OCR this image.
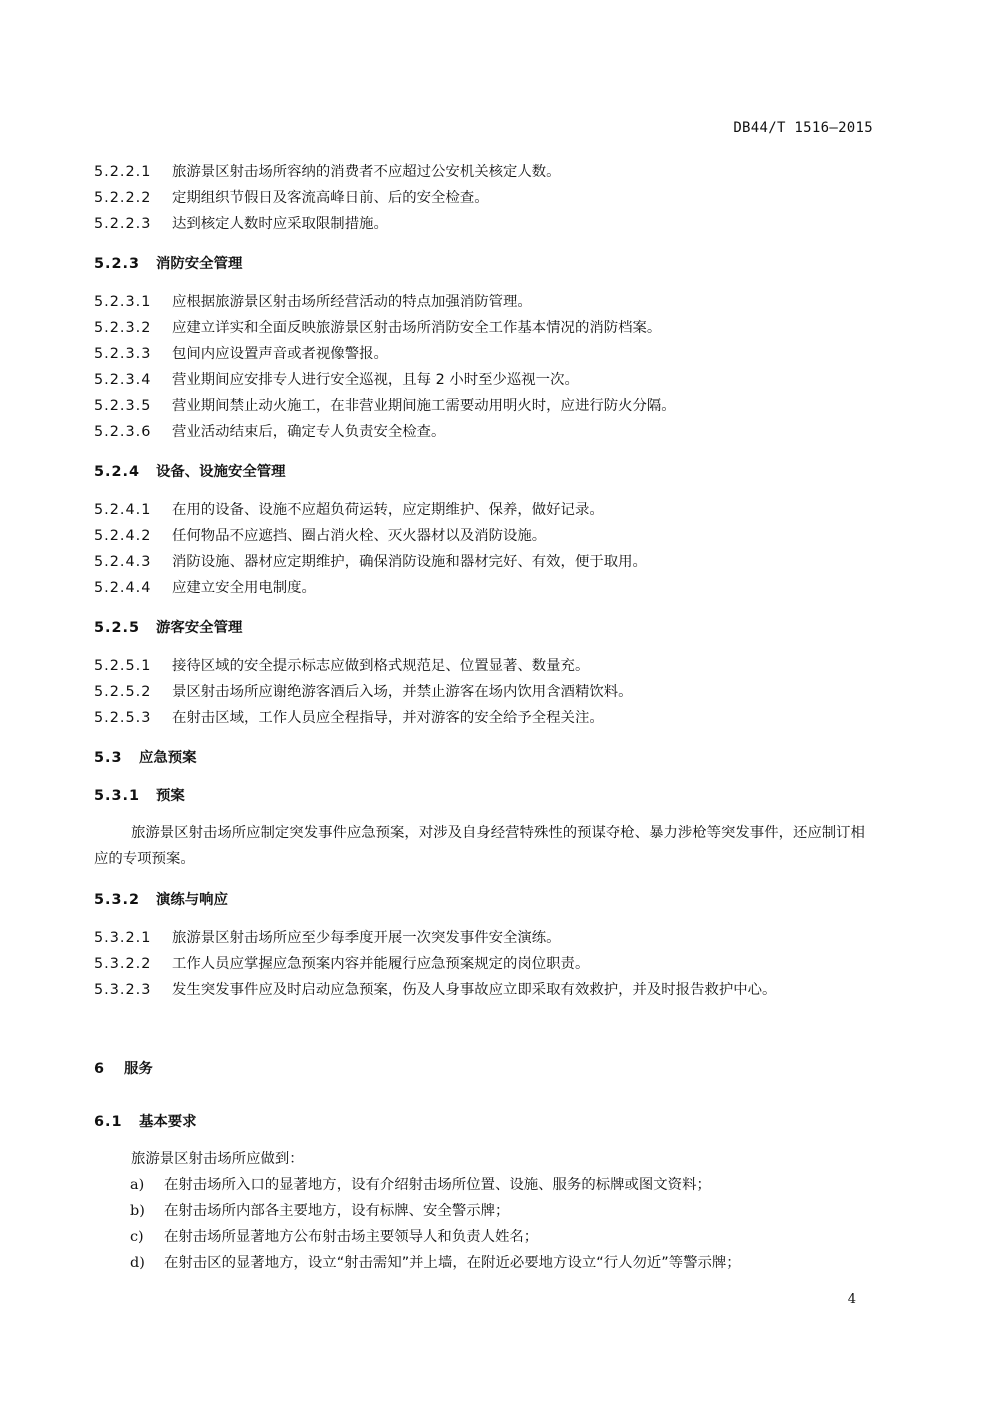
DB44/T 1516—2015
5.2.2.1 旅游景区射击场所容纳的消费者不应超过公安机关核定人数。
5.2.2.2 定期组织节假日及客流高峰日前、后的安全检查。
5.2.2.3 达到核定人数时应采取限制措施。
5.2.3 消防安全管理
5.2.3.1 应根据旅游景区射击场所经营活动的特点加强消防管理。
5.2.3.2 应建立详实和全面反映旅游景区射击场所消防安全工作基本情况的消防档案。
5.2.3.3 包间内应设置声音或者视像警报。
5.2.3.4 营业期间应安排专人进行安全巡视，且每 2 小时至少巡视一次。
5.2.3.5 营业期间禁止动火施工，在非营业期间施工需要动用明火时，应进行防火分隔。
5.2.3.6 营业活动结束后，确定专人负责安全检查。
5.2.4 设备、设施安全管理
5.2.4.1 在用的设备、设施不应超负荷运转，应定期维护、保养，做好记录。
5.2.4.2 任何物品不应遮挡、圈占消火栓、灭火器材以及消防设施。
5.2.4.3 消防设施、器材应定期维护，确保消防设施和器材完好、有效，便于取用。
5.2.4.4 应建立安全用电制度。
5.2.5 游客安全管理
5.2.5.1 接待区域的安全提示标志应做到格式规范足、位置显著、数量充。
5.2.5.2 景区射击场所应谢绝游客酒后入场，并禁止游客在场内饮用含酒精饮料。
5.2.5.3 在射击区域，工作人员应全程指导，并对游客的安全给予全程关注。
5.3 应急预案
5.3.1 预案
旅游景区射击场所应制定突发事件应急预案，对涉及自身经营特殊性的预谋夺枪、暴力涉枪等突发事件，还应制订相应的专项预案。
5.3.2 演练与响应
5.3.2.1 旅游景区射击场所应至少每季度开展一次突发事件安全演练。
5.3.2.2 工作人员应掌握应急预案内容并能履行应急预案规定的岗位职责。
5.3.2.3 发生突发事件应及时启动应急预案，伤及人身事故应立即采取有效救护，并及时报告救护中心。
6 服务
6.1 基本要求
旅游景区射击场所应做到：
a) 在射击场所入口的显著地方，设有介绍射击场所位置、设施、服务的标牌或图文资料；
b) 在射击场所内部各主要地方，设有标牌、安全警示牌；
c) 在射击场所显著地方公布射击场主要领导人和负责人姓名；
d) 在射击区的显著地方，设立“射击需知”并上墙，在附近必要地方设立“行人勿近”等警示牌；
4
